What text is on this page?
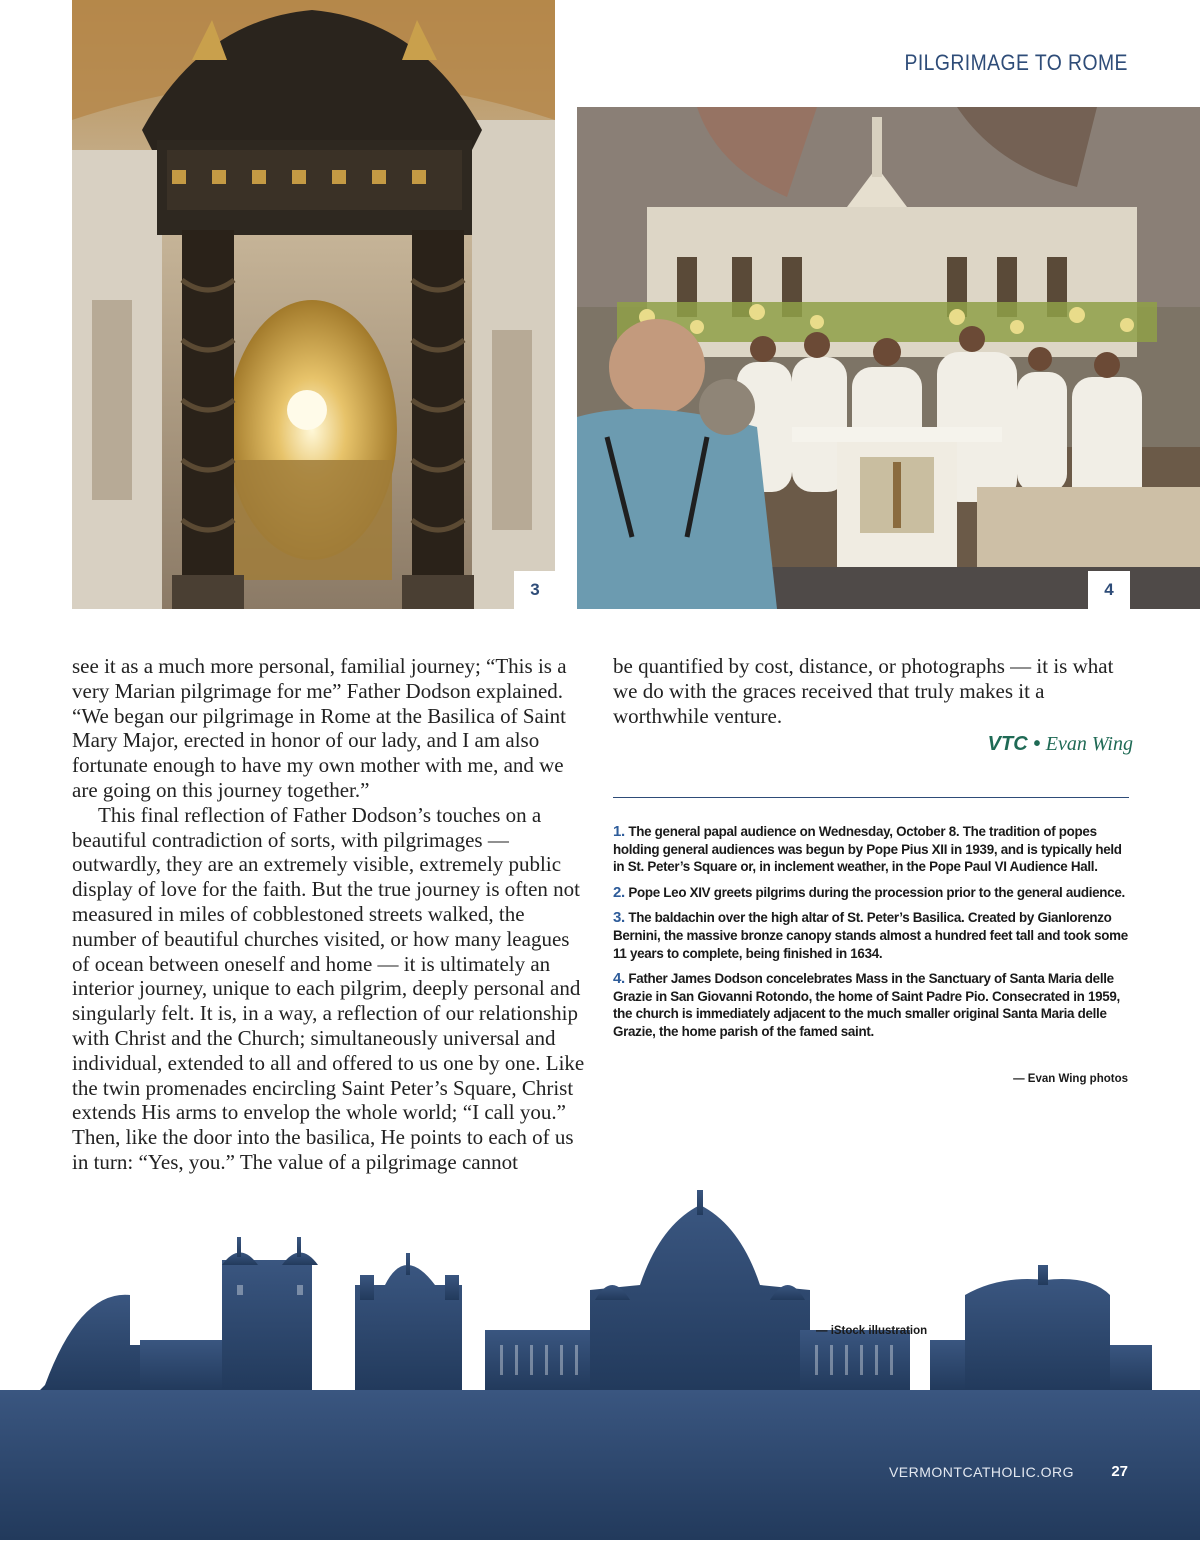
PILGRIMAGE TO ROME
3	4

see it as a much more personal, familial journey; “This is a very Marian pilgrimage for me” Father Dodson explained. “We began our pilgrimage in Rome at the Basilica of Saint Mary Major, erected in honor of our lady, and I am also fortunate enough to have my own mother with me, and we are going on this journey together.”

This final reflection of Father Dodson’s touches on a beautiful contradiction of sorts, with pilgrimages — outwardly, they are an extremely visible, extremely public display of love for the faith. But the true journey is often not measured in miles of cobblestoned streets walked, the number of beautiful churches visited, or how many leagues of ocean between oneself and home — it is ultimately an interior journey, unique to each pilgrim, deeply personal and singularly felt. It is, in a way, a reflection of our relationship with Christ and the Church; simultaneously universal and individual, extended to all and offered to us one by one. Like the twin promenades encircling Saint Peter’s Square, Christ extends His arms to envelop the whole world; “I call you.” Then, like the door into the basilica, He points to each of us in turn: “Yes, you.” The value of a pilgrimage cannot

be quantified by cost, distance, or photographs — it is what we do with the graces received that truly makes it a worthwhile venture.

VTC • Evan Wing

1. The general papal audience on Wednesday, October 8. The tradition of popes holding general audiences was begun by Pope Pius XII in 1939, and is typically held in St. Peter’s Square or, in inclement weather, in the Pope Paul VI Audience Hall.

2. Pope Leo XIV greets pilgrims during the procession prior to the general audience.

3. The baldachin over the high altar of St. Peter’s Basilica. Created by Gianlorenzo Bernini, the massive bronze canopy stands almost a hundred feet tall and took some 11 years to complete, being finished in 1634.

4. Father James Dodson concelebrates Mass in the Sanctuary of Santa Maria delle Grazie in San Giovanni Rotondo, the home of Saint Padre Pio. Consecrated in 1959, the church is immediately adjacent to the much smaller original Santa Maria delle Grazie, the home parish of the famed saint.

— Evan Wing photos
— iStock illustration
VERMONTCATHOLIC.ORG 27
